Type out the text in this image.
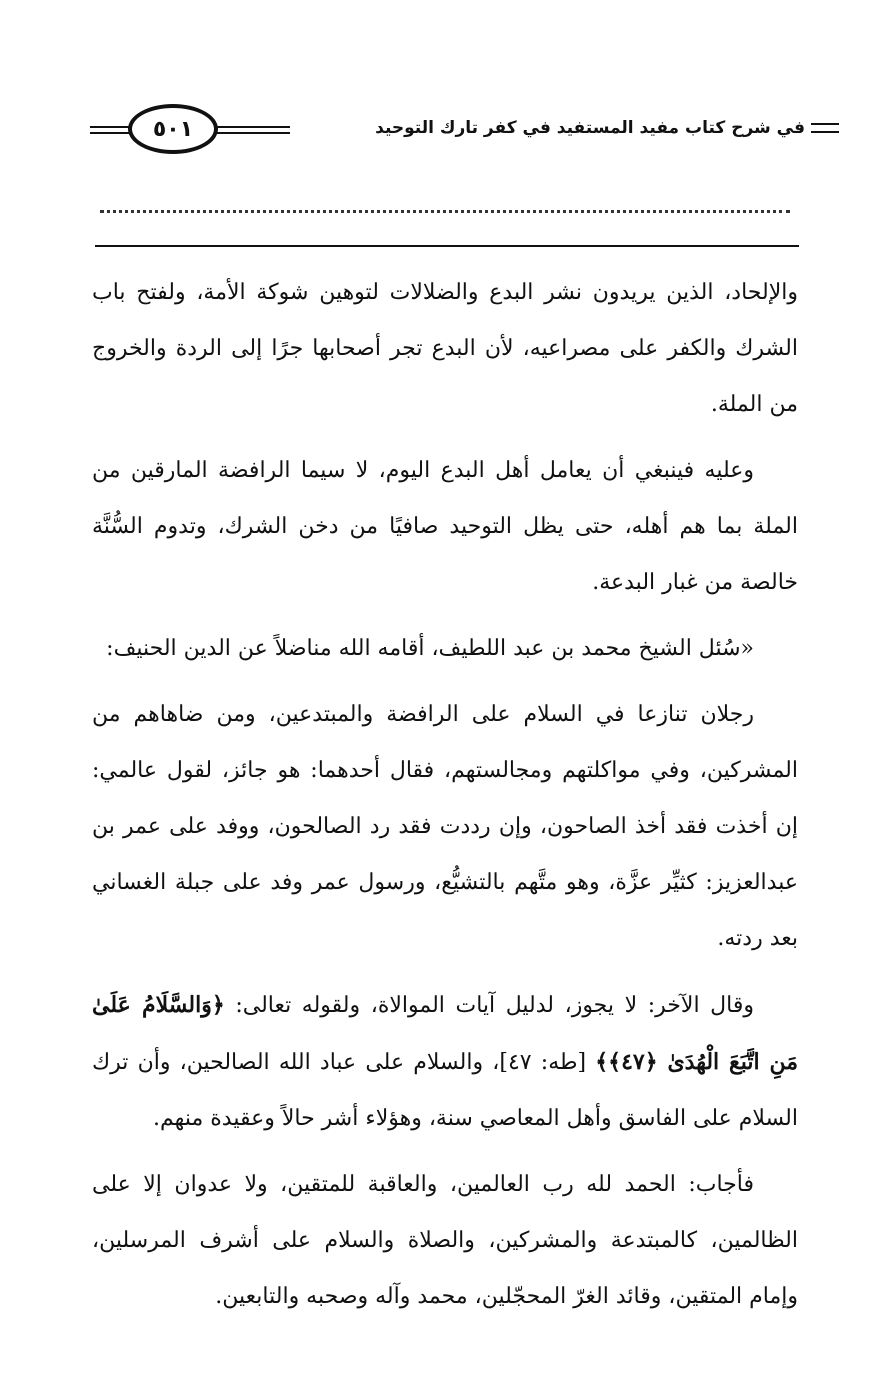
٥٠١	في شرح كتاب مفيد المستفيد في كفر تارك التوحيد

والإلحاد، الذين يريدون نشر البدع والضلالات لتوهين شوكة الأمة، ولفتح باب الشرك والكفر على مصراعيه، لأن البدع تجر أصحابها جرًا إلى الردة والخروج من الملة.

وعليه فينبغي أن يعامل أهل البدع اليوم، لا سيما الرافضة المارقين من الملة بما هم أهله، حتى يظل التوحيد صافيًا من دخن الشرك، وتدوم السُّنَّة خالصة من غبار البدعة.

«سُئل الشيخ محمد بن عبد اللطيف، أقامه الله مناضلاً عن الدين الحنيف:

رجلان تنازعا في السلام على الرافضة والمبتدعين، ومن ضاهاهم من المشركين، وفي مواكلتهم ومجالستهم، فقال أحدهما: هو جائز، لقول عالمي: إن أخذت فقد أخذ الصاحون، وإن رددت فقد رد الصالحون، ووفد على عمر بن عبدالعزيز: كثيِّر عزَّة، وهو متَّهم بالتشيُّع، ورسول عمر وفد على جبلة الغساني بعد ردته.

وقال الآخر: لا يجوز، لدليل آيات الموالاة، ولقوله تعالى: ﴿وَالسَّلَامُ عَلَىٰ مَنِ اتَّبَعَ الْهُدَىٰ ﴿٤٧﴾﴾ [طه: ٤٧]، والسلام على عباد الله الصالحين، وأن ترك السلام على الفاسق وأهل المعاصي سنة، وهؤلاء أشر حالاً وعقيدة منهم.

فأجاب: الحمد لله رب العالمين، والعاقبة للمتقين، ولا عدوان إلا على الظالمين، كالمبتدعة والمشركين، والصلاة والسلام على أشرف المرسلين، وإمام المتقين، وقائد الغرّ المحجّلين، محمد وآله وصحبه والتابعين.
